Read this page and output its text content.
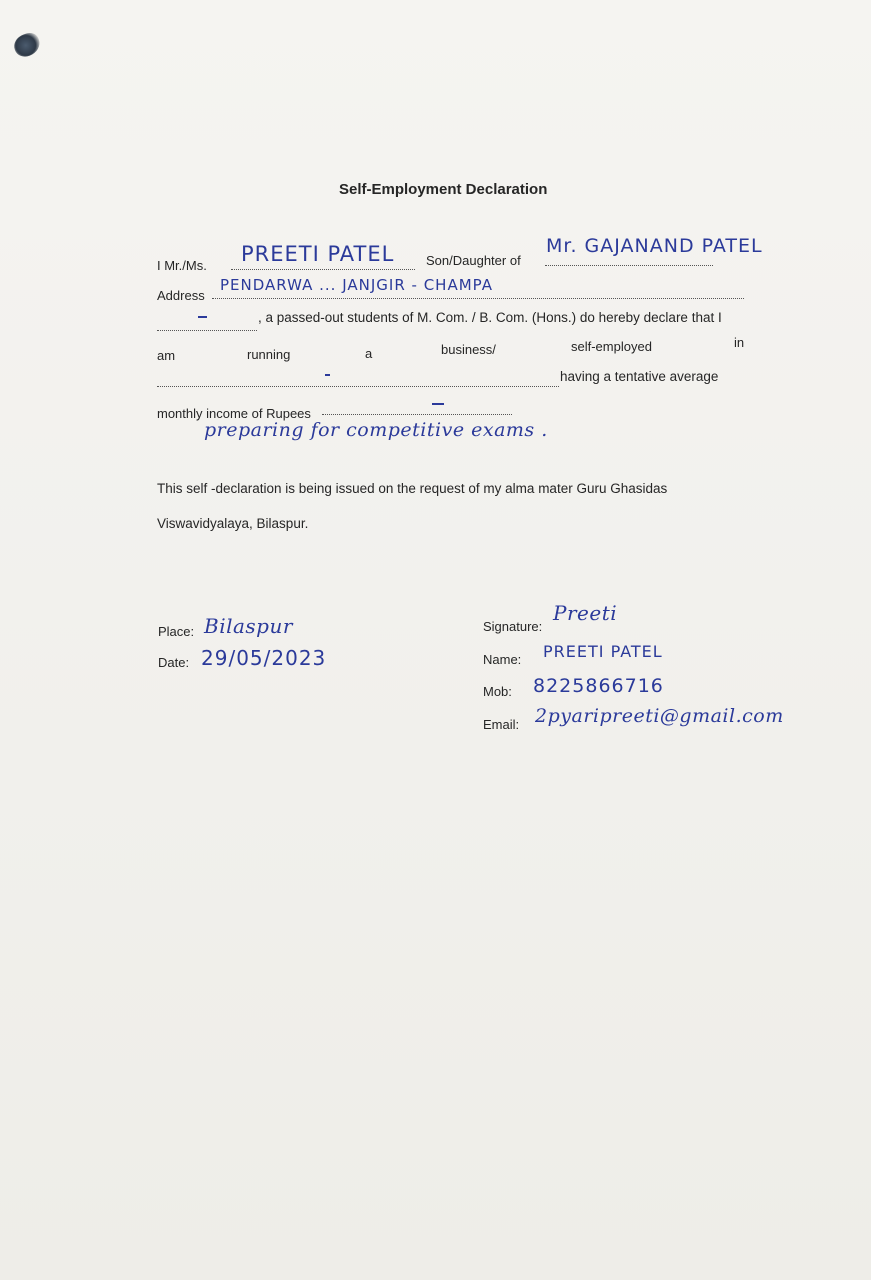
Self-Employment Declaration
I Mr./Ms. PREETI PATEL Son/Daughter of
Mr. GAJANAND PATEL
Address
PENDARWA ... JANJGIR - CHAMPA
, a passed-out students of M. Com. / B. Com. (Hons.) do hereby declare that I
am	running	a	business/	self-employed	in
having a tentative average
monthly income of Rupees
preparing for competitive exams .
This self -declaration is being issued on the request of my alma mater Guru Ghasidas
Viswavidyalaya, Bilaspur.
Place: Bilaspur
Date: 29/05/2023
Signature:
Preeti
Name: PREETI PATEL
Mob: 8225866716
Email: 2pyaripreeti@gmail.com
